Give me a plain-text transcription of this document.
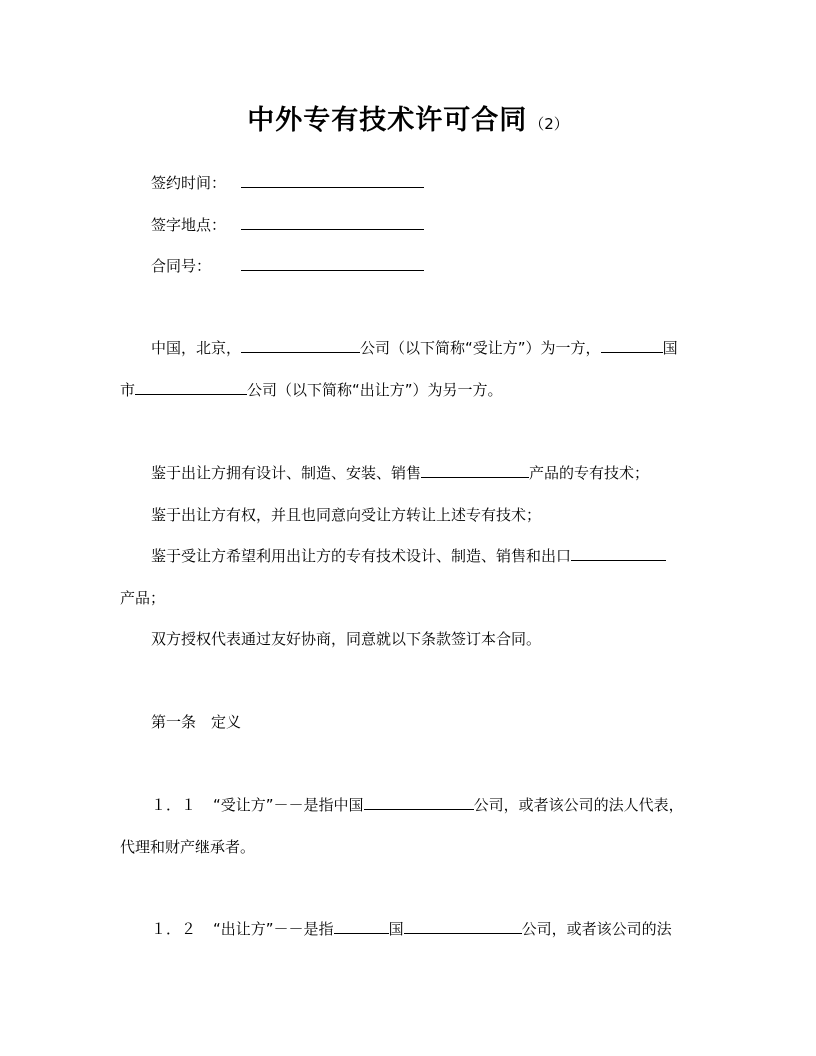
中外专有技术许可合同 （2）
签约时间：
签字地点：
合同号：
中国，北京，	公司（以下简称“受让方”）为一方，	国
市	公司（以下简称“出让方”）为另一方。
鉴于出让方拥有设计、制造、安装、销售	产品的专有技术；
鉴于出让方有权，并且也同意向受让方转让上述专有技术；
鉴于受让方希望利用出让方的专有技术设计、制造、销售和出口
产品；
双方授权代表通过友好协商，同意就以下条款签订本合同。
第一条　定义
１．１ “受让方”－－是指中国	公司，或者该公司的法人代表，
代理和财产继承者。
１．２ “出让方”－－是指	国	公司，或者该公司的法
